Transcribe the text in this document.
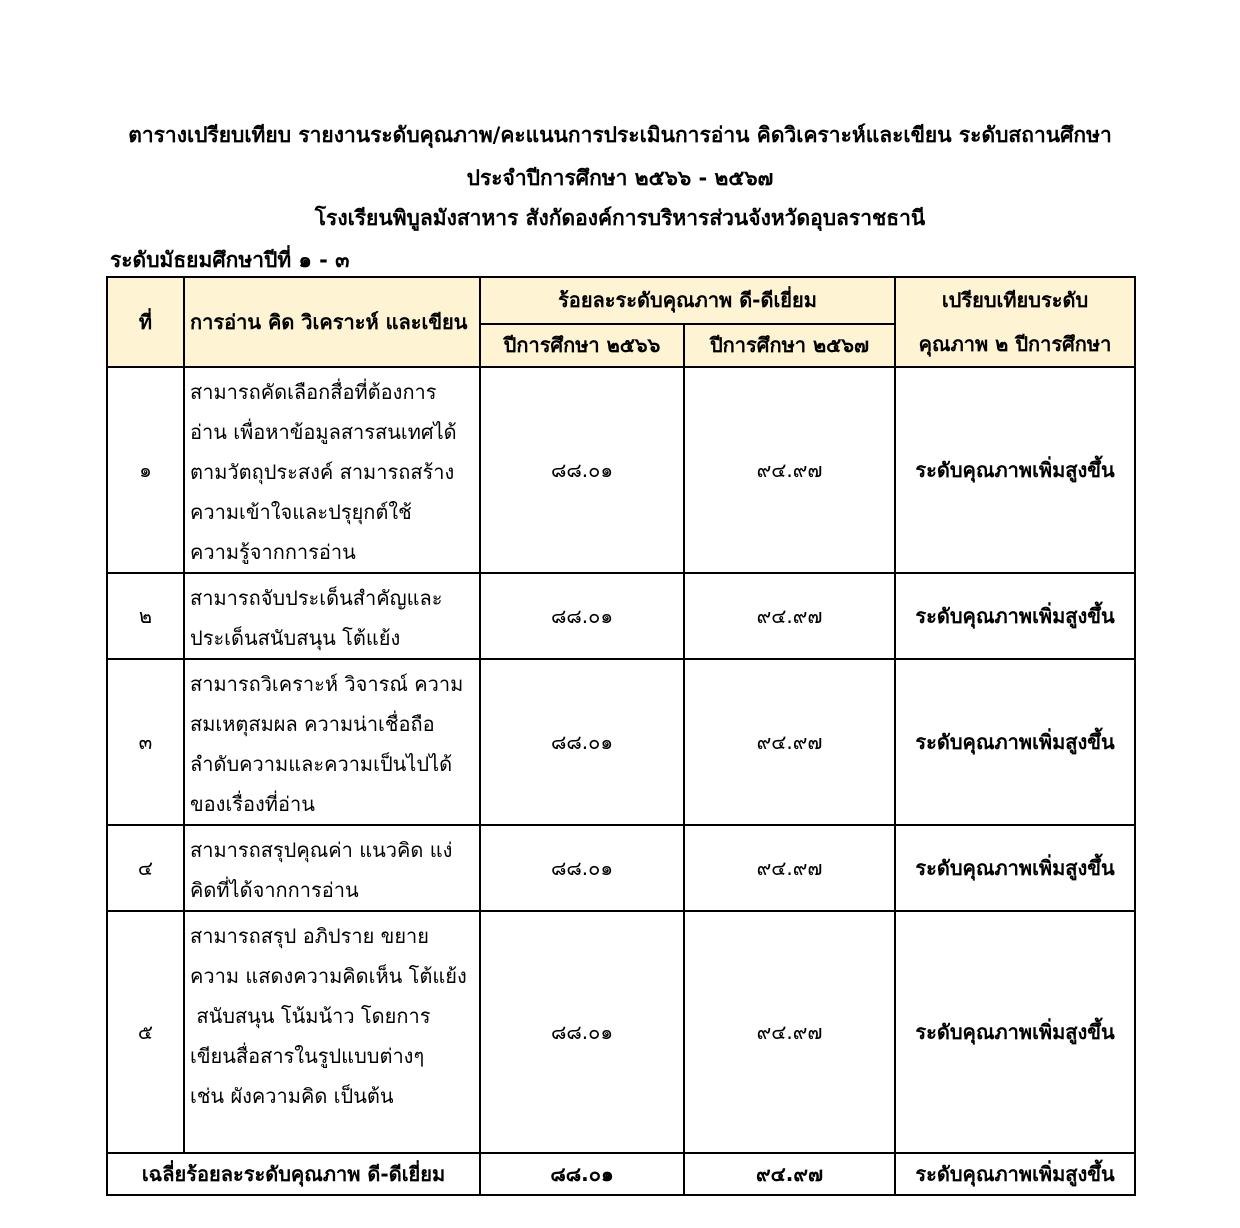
ตารางเปรียบเทียบ รายงานระดับคุณภาพ/คะแนนการประเมินการอ่าน คิดวิเคราะห์และเขียน ระดับสถานศึกษา
ประจำปีการศึกษา ๒๕๖๖ - ๒๕๖๗
โรงเรียนพิบูลมังสาหาร สังกัดองค์การบริหารส่วนจังหวัดอุบลราชธานี
ระดับมัธยมศึกษาปีที่ ๑ - ๓
ที่	การอ่าน คิด วิเคราะห์ และเขียน	ร้อยละระดับคุณภาพ ดี-ดีเยี่ยม		เปรียบเทียบระดับ
คุณภาพ ๒ ปีการศึกษา

		ปีการศึกษา ๒๕๖๖	ปีการศึกษา ๒๕๖๗	
๑	สามารถคัดเลือกสื่อที่ต้องการ
อ่าน เพื่อหาข้อมูลสารสนเทศได้
ตามวัตถุประสงค์ สามารถสร้าง
ความเข้าใจและปรุยุกต์ใช้
ความรู้จากการอ่าน	๘๘.๐๑	๙๔.๙๗	ระดับคุณภาพเพิ่มสูงขึ้น
๒	สามารถจับประเด็นสำคัญและ
ประเด็นสนับสนุน โต้แย้ง	๘๘.๐๑	๙๔.๙๗	ระดับคุณภาพเพิ่มสูงขึ้น
๓	สามารถวิเคราะห์ วิจารณ์ ความ
สมเหตุสมผล ความน่าเชื่อถือ
ลำดับความและความเป็นไปได้
ของเรื่องที่อ่าน	๘๘.๐๑	๙๔.๙๗	ระดับคุณภาพเพิ่มสูงขึ้น
๔	สามารถสรุปคุณค่า แนวคิด แง่
คิดที่ได้จากการอ่าน	๘๘.๐๑	๙๔.๙๗	ระดับคุณภาพเพิ่มสูงขึ้น
๕	สามารถสรุป อภิปราย ขยาย
ความ แสดงความคิดเห็น โต้แย้ง
สนับสนุน โน้มน้าว โดยการ
เขียนสื่อสารในรูปแบบต่างๆ
เช่น ผังความคิด เป็นต้น	๘๘.๐๑	๙๔.๙๗	ระดับคุณภาพเพิ่มสูงขึ้น
เฉลี่ยร้อยละระดับคุณภาพ ดี-ดีเยี่ยม		๘๘.๐๑	๙๔.๙๗	ระดับคุณภาพเพิ่มสูงขึ้น
